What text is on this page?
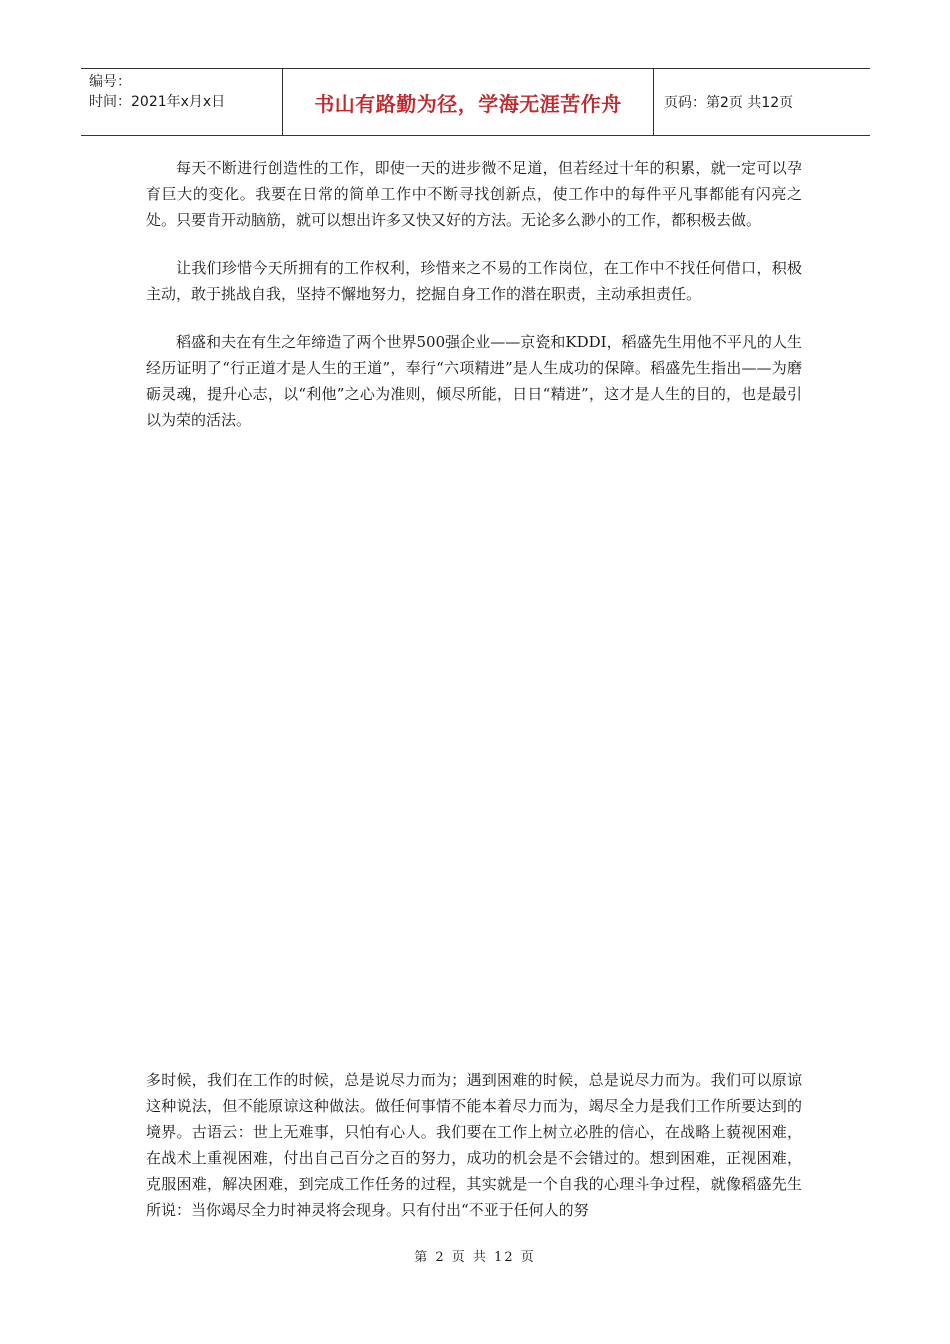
编号：
时间：2021年x月x日	书山有路勤为径，学海无涯苦作舟	页码：第2页 共12页

每天不断进行创造性的工作，即使一天的进步微不足道，但若经过十年的积累，就一定可以孕育巨大的变化。我要在日常的简单工作中不断寻找创新点，使工作中的每件平凡事都能有闪亮之处。只要肯开动脑筋，就可以想出许多又快又好的方法。无论多么渺小的工作，都积极去做。

让我们珍惜今天所拥有的工作权利，珍惜来之不易的工作岗位，在工作中不找任何借口，积极主动，敢于挑战自我，坚持不懈地努力，挖掘自身工作的潜在职责，主动承担责任。

稻盛和夫在有生之年缔造了两个世界500强企业——京瓷和KDDI，稻盛先生用他不平凡的人生经历证明了“行正道才是人生的王道”，奉行“六项精进”是人生成功的保障。稻盛先生指出——为磨砺灵魂，提升心志，以“利他”之心为准则，倾尽所能，日日“精进”，这才是人生的目的，也是最引以为荣的活法。

多时候，我们在工作的时候，总是说尽力而为；遇到困难的时候，总是说尽力而为。我们可以原谅这种说法，但不能原谅这种做法。做任何事情不能本着尽力而为，竭尽全力是我们工作所要达到的境界。古语云：世上无难事，只怕有心人。我们要在工作上树立必胜的信心，在战略上藐视困难，在战术上重视困难，付出自己百分之百的努力，成功的机会是不会错过的。想到困难，正视困难，克服困难，解决困难，到完成工作任务的过程，其实就是一个自我的心理斗争过程，就像稻盛先生所说：当你竭尽全力时神灵将会现身。只有付出“不亚于任何人的努

第 2 页 共 12 页
